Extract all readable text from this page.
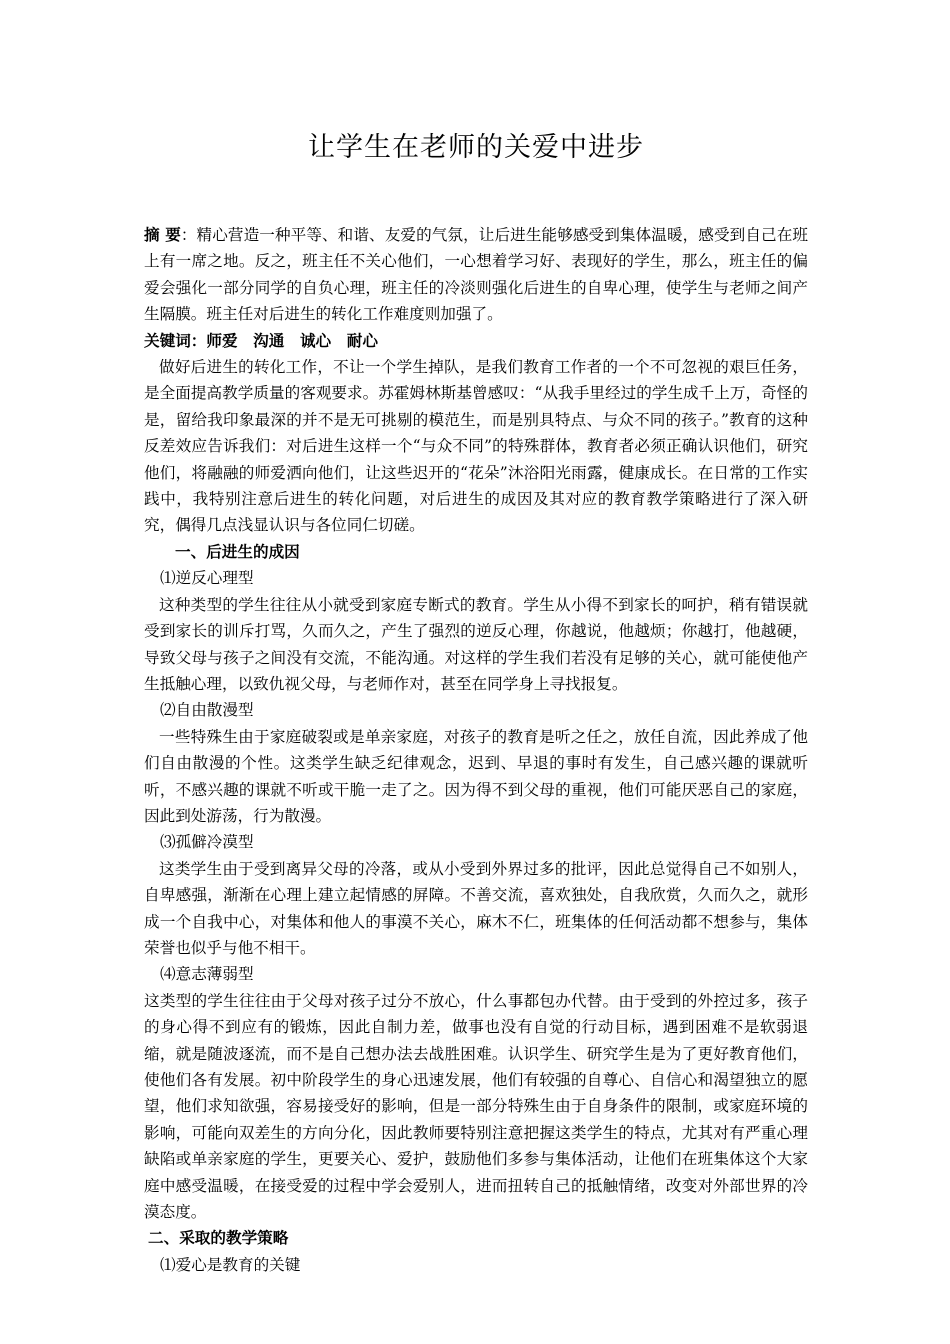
让学生在老师的关爱中进步

摘 要：精心营造一种平等、和谐、友爱的气氛，让后进生能够感受到集体温暖，感受到自己在班上有一席之地。反之，班主任不关心他们，一心想着学习好、表现好的学生，那么，班主任的偏爱会强化一部分同学的自负心理，班主任的冷淡则强化后进生的自卑心理，使学生与老师之间产生隔膜。班主任对后进生的转化工作难度则加强了。

关键词：师爱　沟通　诚心　耐心

做好后进生的转化工作，不让一个学生掉队，是我们教育工作者的一个不可忽视的艰巨任务，是全面提高教学质量的客观要求。苏霍姆林斯基曾感叹：“从我手里经过的学生成千上万，奇怪的是，留给我印象最深的并不是无可挑剔的模范生，而是别具特点、与众不同的孩子。”教育的这种反差效应告诉我们：对后进生这样一个“与众不同”的特殊群体，教育者必须正确认识他们，研究他们，将融融的师爱洒向他们，让这些迟开的“花朵”沐浴阳光雨露，健康成长。在日常的工作实践中，我特别注意后进生的转化问题，对后进生的成因及其对应的教育教学策略进行了深入研究，偶得几点浅显认识与各位同仁切磋。

一、后进生的成因

⑴逆反心理型

这种类型的学生往往从小就受到家庭专断式的教育。学生从小得不到家长的呵护，稍有错误就受到家长的训斥打骂，久而久之，产生了强烈的逆反心理，你越说，他越烦；你越打，他越硬，导致父母与孩子之间没有交流，不能沟通。对这样的学生我们若没有足够的关心，就可能使他产生抵触心理，以致仇视父母，与老师作对，甚至在同学身上寻找报复。

⑵自由散漫型

一些特殊生由于家庭破裂或是单亲家庭，对孩子的教育是听之任之，放任自流，因此养成了他们自由散漫的个性。这类学生缺乏纪律观念，迟到、早退的事时有发生，自己感兴趣的课就听听，不感兴趣的课就不听或干脆一走了之。因为得不到父母的重视，他们可能厌恶自己的家庭，因此到处游荡，行为散漫。

⑶孤僻冷漠型

这类学生由于受到离异父母的冷落，或从小受到外界过多的批评，因此总觉得自己不如别人，自卑感强，渐渐在心理上建立起情感的屏障。不善交流，喜欢独处，自我欣赏，久而久之，就形成一个自我中心，对集体和他人的事漠不关心，麻木不仁，班集体的任何活动都不想参与，集体荣誉也似乎与他不相干。

⑷意志薄弱型

这类型的学生往往由于父母对孩子过分不放心，什么事都包办代替。由于受到的外控过多，孩子的身心得不到应有的锻炼，因此自制力差，做事也没有自觉的行动目标，遇到困难不是软弱退缩，就是随波逐流，而不是自己想办法去战胜困难。认识学生、研究学生是为了更好教育他们，使他们各有发展。初中阶段学生的身心迅速发展，他们有较强的自尊心、自信心和渴望独立的愿望，他们求知欲强，容易接受好的影响，但是一部分特殊生由于自身条件的限制，或家庭环境的影响，可能向双差生的方向分化，因此教师要特别注意把握这类学生的特点，尤其对有严重心理缺陷或单亲家庭的学生，更要关心、爱护，鼓励他们多参与集体活动，让他们在班集体这个大家庭中感受温暖，在接受爱的过程中学会爱别人，进而扭转自己的抵触情绪，改变对外部世界的冷漠态度。

二、采取的教学策略

⑴爱心是教育的关键
